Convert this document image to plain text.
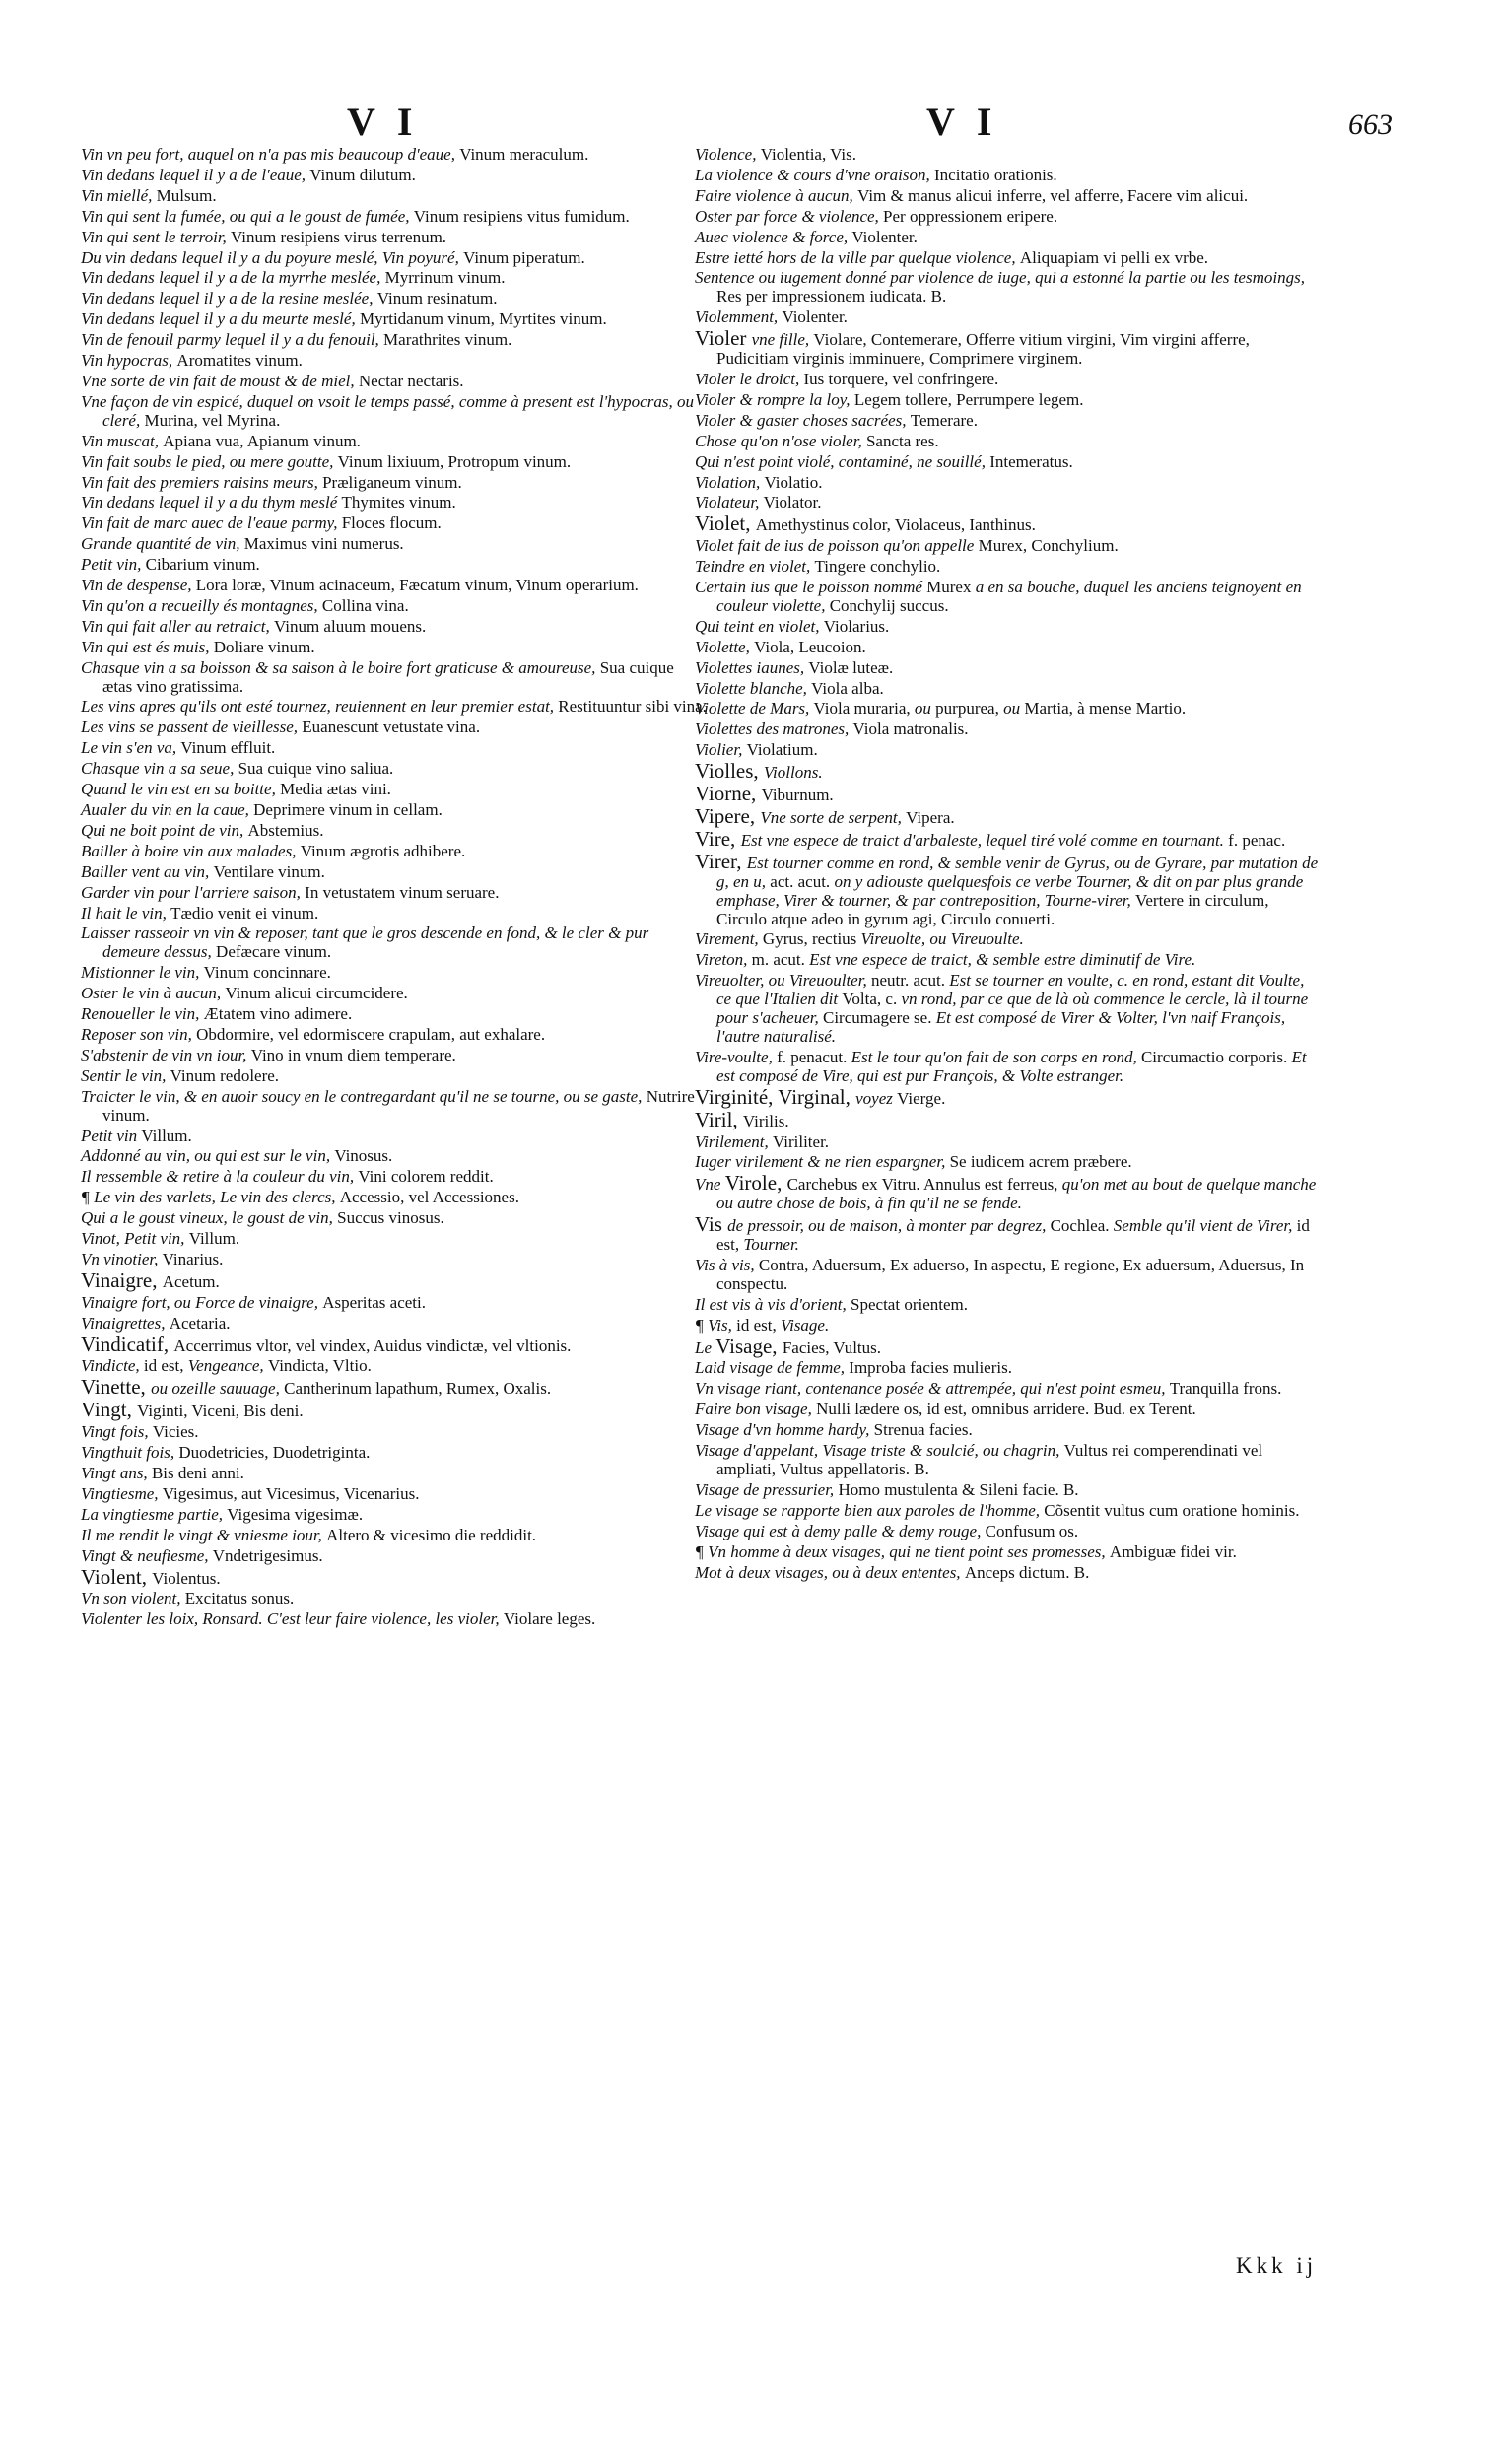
VI	VI	663

Vin vn peu fort, auquel on n'a pas mis beaucoup d'eaue, Vinum meraculum.

Vin dedans lequel il y a de l'eaue, Vinum dilutum.

Vin miellé, Mulsum.

Vin qui sent la fumée, ou qui a le goust de fumée, Vinum resipiens vitus fumidum.

Vin qui sent le terroir, Vinum resipiens virus terrenum.

Du vin dedans lequel il y a du poyure meslé, Vin poyuré, Vinum piperatum.

Vin dedans lequel il y a de la myrrhe meslée, Myrrinum vinum.

Vin dedans lequel il y a de la resine meslée, Vinum resinatum.

Vin dedans lequel il y a du meurte meslé, Myrtidanum vinum, Myrtites vinum.

Vin de fenouil parmy lequel il y a du fenouil, Marathrites vinum.

Vin hypocras, Aromatites vinum.

Vne sorte de vin fait de moust & de miel, Nectar nectaris.

Vne façon de vin espicé, duquel on vsoit le temps passé, comme à present est l'hypocras, ou cleré, Murina, vel Myrina.

Vin muscat, Apiana vua, Apianum vinum.

Vin fait soubs le pied, ou mere goutte, Vinum lixiuum, Protropum vinum.

Vin fait des premiers raisins meurs, Præliganeum vinum.

Vin dedans lequel il y a du thym meslé Thymites vinum.

Vin fait de marc auec de l'eaue parmy, Floces flocum.

Grande quantité de vin, Maximus vini numerus.

Petit vin, Cibarium vinum.

Vin de despense, Lora loræ, Vinum acinaceum, Fæcatum vinum, Vinum operarium.

Vin qu'on a recueilly és montagnes, Collina vina.

Vin qui fait aller au retraict, Vinum aluum mouens.

Vin qui est és muis, Doliare vinum.

Chasque vin a sa boisson & sa saison à le boire fort graticuse & amoureuse, Sua cuique ætas vino gratissima.

Les vins apres qu'ils ont esté tournez, reuiennent en leur premier estat, Restituuntur sibi vina.

Les vins se passent de vieillesse, Euanescunt vetustate vina.

Le vin s'en va, Vinum effluit.

Chasque vin a sa seue, Sua cuique vino saliua.

Quand le vin est en sa boitte, Media ætas vini.

Aualer du vin en la caue, Deprimere vinum in cellam.

Qui ne boit point de vin, Abstemius.

Bailler à boire vin aux malades, Vinum ægrotis adhibere.

Bailler vent au vin, Ventilare vinum.

Garder vin pour l'arriere saison, In vetustatem vinum seruare.

Il hait le vin, Tædio venit ei vinum.

Laisser rasseoir vn vin & reposer, tant que le gros descende en fond, & le cler & pur demeure dessus, Defæcare vinum.

Mistionner le vin, Vinum concinnare.

Oster le vin à aucun, Vinum alicui circumcidere.

Renoueller le vin, Ætatem vino adimere.

Reposer son vin, Obdormire, vel edormiscere crapulam, aut exhalare.

S'abstenir de vin vn iour, Vino in vnum diem temperare.

Sentir le vin, Vinum redolere.

Traicter le vin, & en auoir soucy en le contregardant qu'il ne se tourne, ou se gaste, Nutrire vinum.

Petit vin Villum.

Addonné au vin, ou qui est sur le vin, Vinosus.

Il ressemble & retire à la couleur du vin, Vini colorem reddit.

¶ Le vin des varlets, Le vin des clercs, Accessio, vel Accessiones.

Qui a le goust vineux, le goust de vin, Succus vinosus.

Vinot, Petit vin, Villum.

Vn vinotier, Vinarius.

Vinaigre, Acetum.

Vinaigre fort, ou Force de vinaigre, Asperitas aceti.

Vinaigrettes, Acetaria.

Vindicatif, Accerrimus vltor, vel vindex, Auidus vindictæ, vel vltionis.

Vindicte, id est, Vengeance, Vindicta, Vltio.

Vinette, ou ozeille sauuage, Cantherinum lapathum, Rumex, Oxalis.

Vingt, Viginti, Viceni, Bis deni.

Vingt fois, Vicies.

Vingthuit fois, Duodetricies, Duodetriginta.

Vingt ans, Bis deni anni.

Vingtiesme, Vigesimus, aut Vicesimus, Vicenarius.

La vingtiesme partie, Vigesima vigesimæ.

Il me rendit le vingt & vniesme iour, Altero & vicesimo die reddidit.

Vingt & neufiesme, Vndetrigesimus.

Violent, Violentus.

Vn son violent, Excitatus sonus.

Violenter les loix, Ronsard. C'est leur faire violence, les violer, Violare leges.

Violence, Violentia, Vis.

La violence & cours d'vne oraison, Incitatio orationis.

Faire violence à aucun, Vim & manus alicui inferre, vel afferre, Facere vim alicui.

Oster par force & violence, Per oppressionem eripere.

Auec violence & force, Violenter.

Estre ietté hors de la ville par quelque violence, Aliquapiam vi pelli ex vrbe.

Sentence ou iugement donné par violence de iuge, qui a estonné la partie ou les tesmoings, Res per impressionem iudicata. B.

Violemment, Violenter.

Violer vne fille, Violare, Contemerare, Offerre vitium virgini, Vim virgini afferre, Pudicitiam virginis imminuere, Comprimere virginem.

Violer le droict, Ius torquere, vel confringere.

Violer & rompre la loy, Legem tollere, Perrumpere legem.

Violer & gaster choses sacrées, Temerare.

Chose qu'on n'ose violer, Sancta res.

Qui n'est point violé, contaminé, ne souillé, Intemeratus.

Violation, Violatio.

Violateur, Violator.

Violet, Amethystinus color, Violaceus, Ianthinus.

Violet fait de ius de poisson qu'on appelle Murex, Conchylium.

Teindre en violet, Tingere conchylio.

Certain ius que le poisson nommé Murex a en sa bouche, duquel les anciens teignoyent en couleur violette, Conchylij succus.

Qui teint en violet, Violarius.

Violette, Viola, Leucoion.

Violettes iaunes, Violæ luteæ.

Violette blanche, Viola alba.

Violette de Mars, Viola muraria, ou purpurea, ou Martia, à mense Martio.

Violettes des matrones, Viola matronalis.

Violier, Violatium.

Violles, Viollons.

Viorne, Viburnum.

Vipere, Vne sorte de serpent, Vipera.

Vire, Est vne espece de traict d'arbaleste, lequel tiré volé comme en tournant. f. penac.

Virer, Est tourner comme en rond, & semble venir de Gyrus, ou de Gyrare, par mutation de g, en u, act. acut. on y adiouste quelquesfois ce verbe Tourner, & dit on par plus grande emphase, Virer & tourner, & par contreposition, Tourne-virer, Vertere in circulum, Circulo atque adeo in gyrum agi, Circulo conuerti.

Virement, Gyrus, rectius Vireuolte, ou Vireuoulte.

Vireton, m. acut. Est vne espece de traict, & semble estre diminutif de Vire.

Vireuolter, ou Vireuoulter, neutr. acut. Est se tourner en voulte, c. en rond, estant dit Voulte, ce que l'Italien dit Volta, c. vn rond, par ce que de là où commence le cercle, là il tourne pour s'acheuer, Circumagere se. Et est composé de Virer & Volter, l'vn naif François, l'autre naturalisé.

Vire-voulte, f. penacut. Est le tour qu'on fait de son corps en rond, Circumactio corporis. Et est composé de Vire, qui est pur François, & Volte estranger.

Virginité, Virginal, voyez Vierge.

Viril, Virilis.

Virilement, Viriliter.

Iuger virilement & ne rien espargner, Se iudicem acrem præbere.

Vne Virole, Carchebus ex Vitru. Annulus est ferreus, qu'on met au bout de quelque manche ou autre chose de bois, à fin qu'il ne se fende.

Vis de pressoir, ou de maison, à monter par degrez, Cochlea. Semble qu'il vient de Virer, id est, Tourner.

Vis à vis, Contra, Aduersum, Ex aduerso, In aspectu, E regione, Ex aduersum, Aduersus, In conspectu.

Il est vis à vis d'orient, Spectat orientem.

¶ Vis, id est, Visage.

Le Visage, Facies, Vultus.

Laid visage de femme, Improba facies mulieris.

Vn visage riant, contenance posée & attrempée, qui n'est point esmeu, Tranquilla frons.

Faire bon visage, Nulli lædere os, id est, omnibus arridere. Bud. ex Terent.

Visage d'vn homme hardy, Strenua facies.

Visage d'appelant, Visage triste & soulcié, ou chagrin, Vultus rei comperendinati vel ampliati, Vultus appellatoris. B.

Visage de pressurier, Homo mustulenta & Sileni facie. B.

Le visage se rapporte bien aux paroles de l'homme, Cõsentit vultus cum oratione hominis.

Visage qui est à demy palle & demy rouge, Confusum os.

¶ Vn homme à deux visages, qui ne tient point ses promesses, Ambiguæ fidei vir.

Mot à deux visages, ou à deux ententes, Anceps dictum. B.

Kkk ij
